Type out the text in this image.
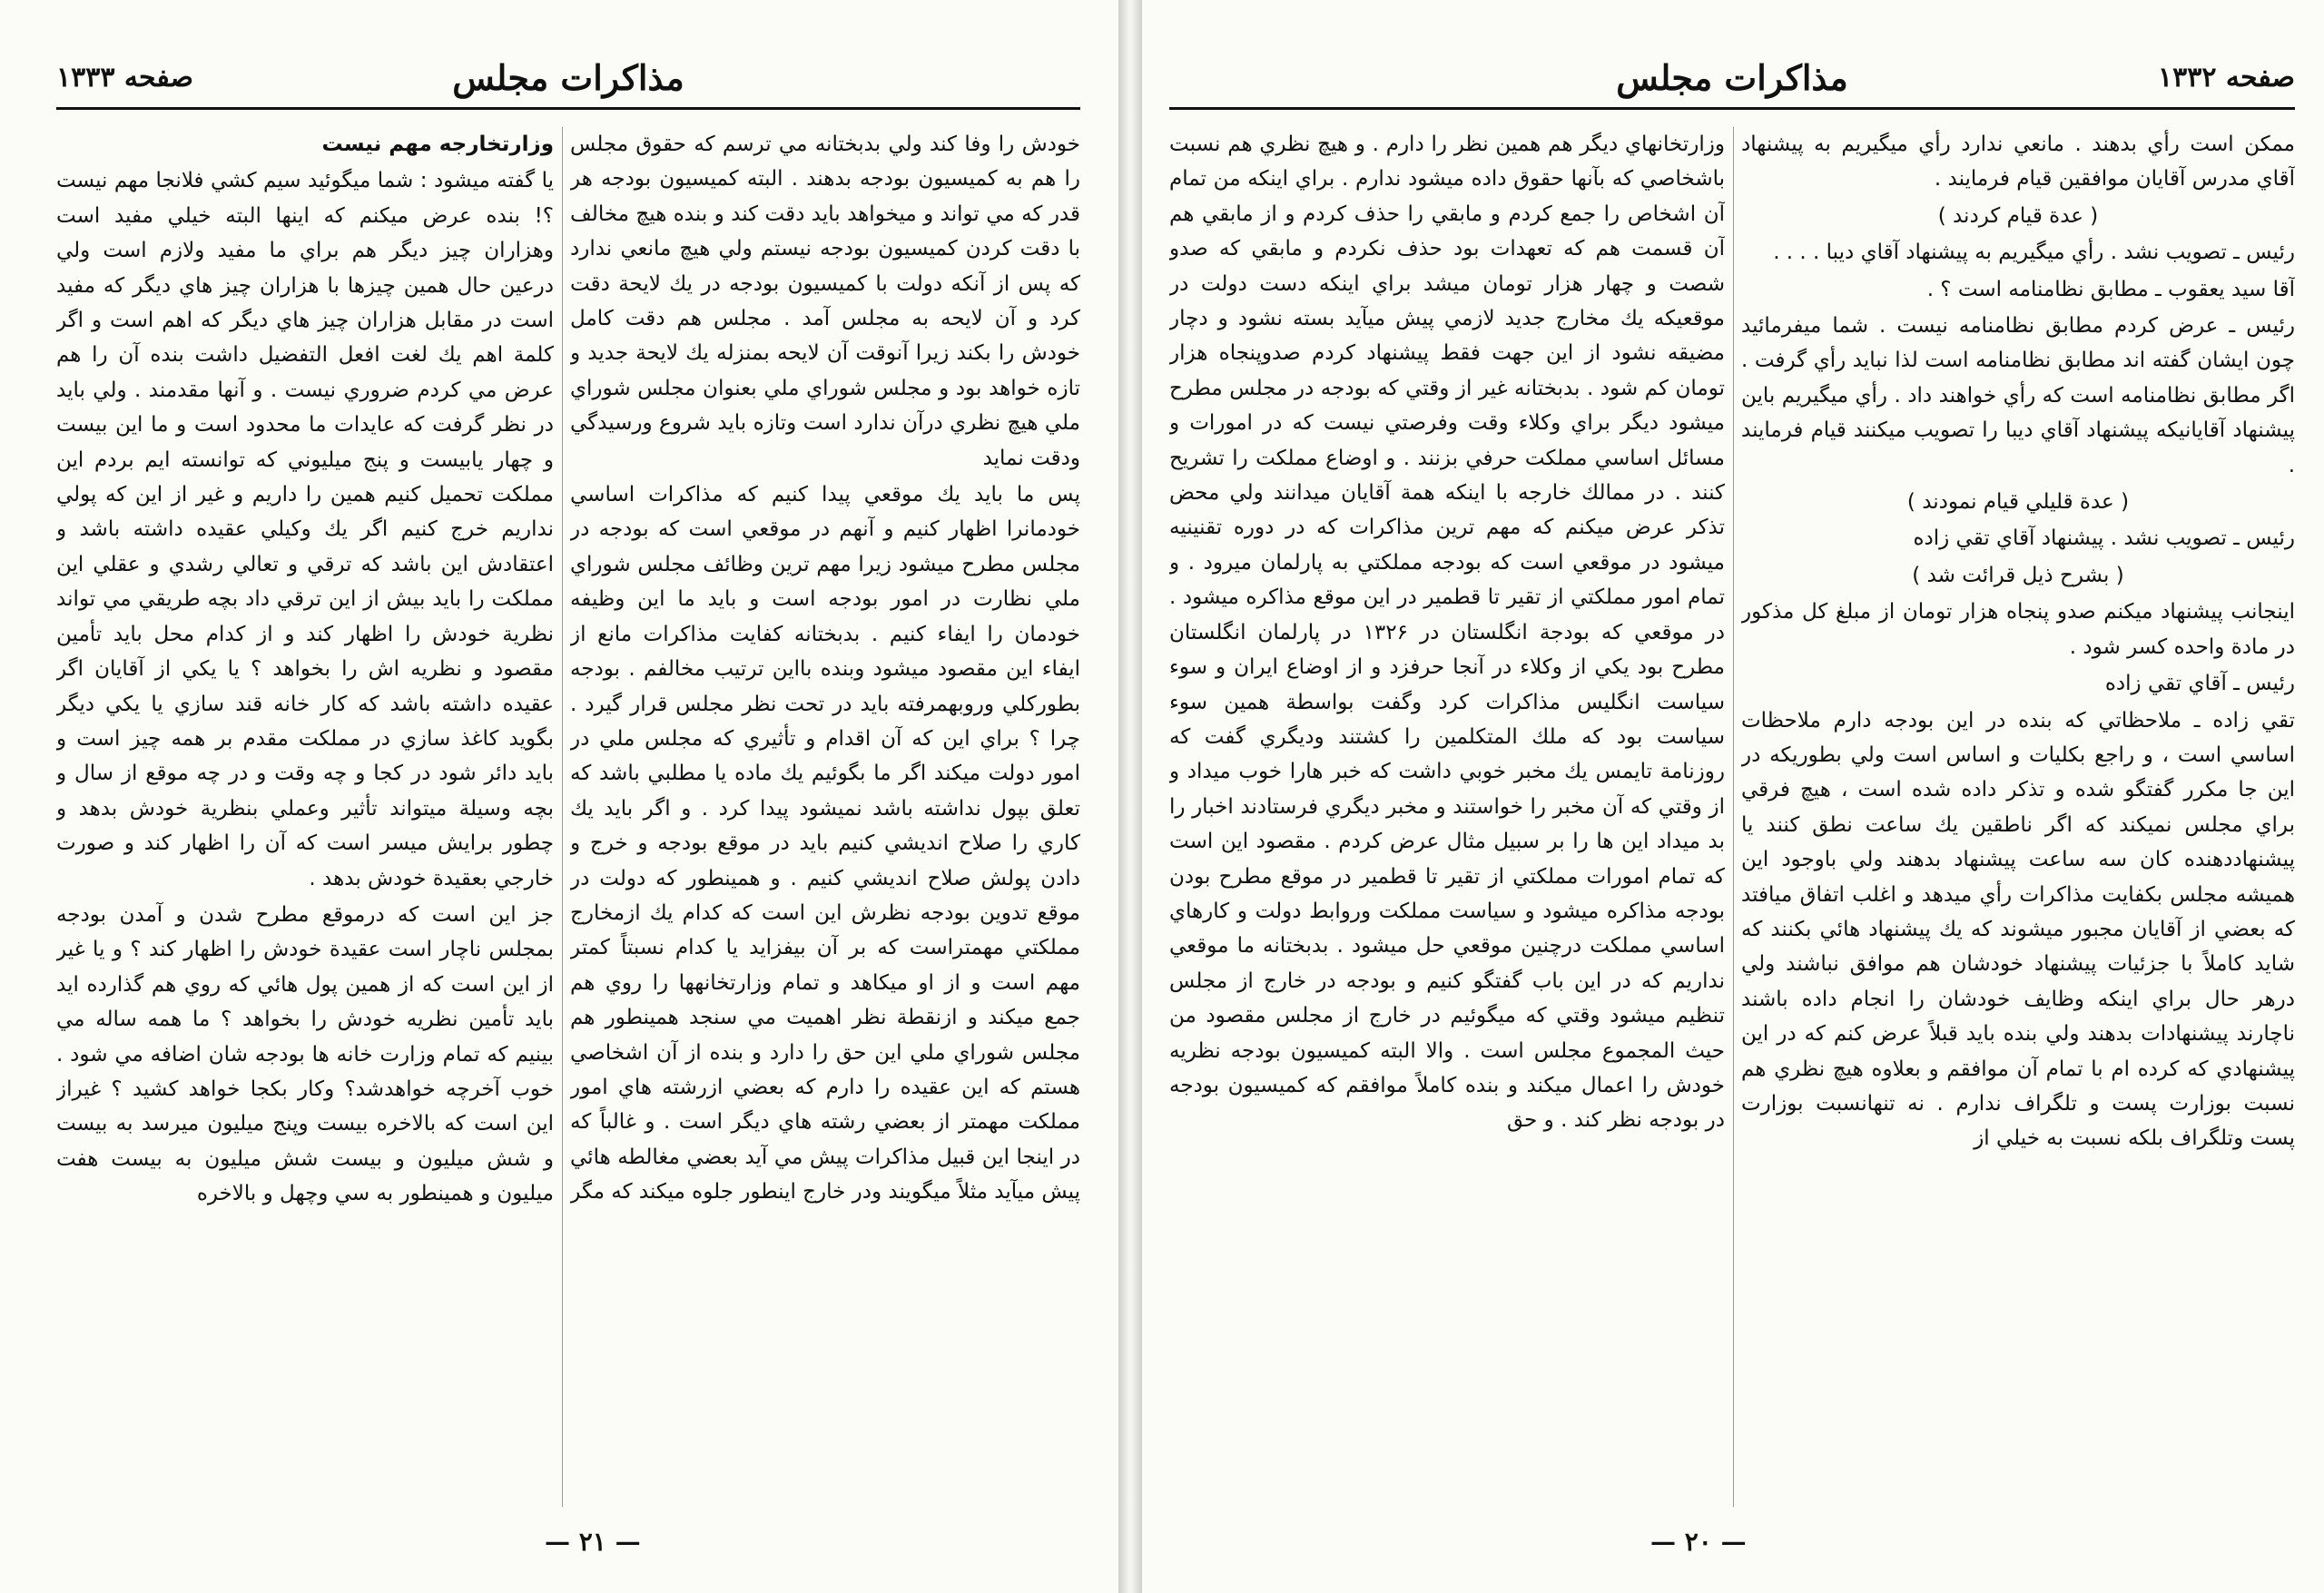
صفحه ۱۳۳۳	مذاكرات مجلس

خودش را وفا كند ولي بدبختانه مي ترسم كه حقوق مجلس را هم به كميسيون بودجه بدهند . البته كميسيون بودجه هر قدر كه مي تواند و ميخواهد بايد دقت كند و بنده هيچ مخالف با دقت كردن كميسيون بودجه نيستم ولي هيچ مانعي ندارد كه پس از آنكه دولت با كميسيون بودجه در يك لايحة دقت كرد و آن لايحه به مجلس آمد . مجلس هم دقت كامل خودش را بكند زيرا آنوقت آن لايحه بمنزله يك لايحة جديد و تازه خواهد بود و مجلس شوراي ملي بعنوان مجلس شوراي ملي هيچ نظري درآن ندارد است وتازه بايد شروع ورسيدگي ودقت نمايد

پس ما بايد يك موقعي پيدا كنيم كه مذاكرات اساسي خودمانرا اظهار كنيم و آنهم در موقعي است كه بودجه در مجلس مطرح ميشود زيرا مهم ترين وظائف مجلس شوراي ملي نظارت در امور بودجه است و بايد ما اين وظيفه خودمان را ايفاء كنيم . بدبختانه كفايت مذاكرات مانع از ايفاء اين مقصود ميشود وبنده بااين ترتيب مخالفم . بودجه بطوركلي وروبهمرفته بايد در تحت نظر مجلس قرار گيرد . چرا ؟ براي اين كه آن اقدام و تأثيري كه مجلس ملي در امور دولت ميكند اگر ما بگوئيم يك ماده يا مطلبي باشد كه تعلق بپول نداشته باشد نميشود پيدا كرد . و اگر بايد يك كاري را صلاح انديشي كنيم بايد در موقع بودجه و خرج و دادن پولش صلاح انديشي كنيم . و همينطور كه دولت در موقع تدوين بودجه نظرش اين است كه كدام يك ازمخارج مملكتي مهمتراست كه بر آن بيفزايد يا كدام نسبتاً كمتر مهم است و از او ميكاهد و تمام وزارتخانهها را روي هم جمع ميكند و ازنقطة نظر اهميت مي سنجد همينطور هم مجلس شوراي ملي اين حق را دارد و بنده از آن اشخاصي هستم كه اين عقيده را دارم كه بعضي ازرشته هاي امور مملكت مهمتر از بعضي رشته هاي ديگر است . و غالباً كه در اينجا اين قبيل مذاكرات پيش مي آيد بعضي مغالطه هائي پيش ميآيد مثلاً ميگويند ودر خارج اينطور جلوه ميكند كه مگر

وزارتخارجه مهم نيست

يا گفته ميشود : شما ميگوئيد سيم كشي فلانجا مهم نيست ؟! بنده عرض ميكنم كه اينها البته خيلي مفيد است وهزاران چيز ديگر هم براي ما مفيد ولازم است ولي درعين حال همين چيزها با هزاران چيز هاي ديگر كه مفيد است در مقابل هزاران چيز هاي ديگر كه اهم است و اگر كلمة اهم يك لغت افعل التفضيل داشت بنده آن را هم عرض مي كردم ضروري نيست . و آنها مقدمند . ولي بايد در نظر گرفت كه عايدات ما محدود است و ما اين بيست و چهار يابيست و پنج ميليوني كه توانسته ايم بردم اين مملكت تحميل كنيم همين را داريم و غير از اين كه پولي نداريم خرج كنيم اگر يك وكيلي عقيده داشته باشد و اعتقادش اين باشد كه ترقي و تعالي رشدي و عقلي اين مملكت را بايد بيش از اين ترقي داد بچه طريقي مي تواند نظرية خودش را اظهار كند و از كدام محل بايد تأمين مقصود و نظريه اش را بخواهد ؟ يا يكي از آقايان اگر عقيده داشته باشد كه كار خانه قند سازي يا يكي ديگر بگويد كاغذ سازي در مملكت مقدم بر همه چيز است و بايد دائر شود در كجا و چه وقت و در چه موقع از سال و بچه وسيلة ميتواند تأثير وعملي بنظرية خودش بدهد و چطور برايش ميسر است كه آن را اظهار كند و صورت خارجي بعقيدة خودش بدهد .

جز اين است كه درموقع مطرح شدن و آمدن بودجه بمجلس ناچار است عقيدة خودش را اظهار كند ؟ و يا غير از اين است كه از همين پول هائي كه روي هم گذارده ايد بايد تأمين نظريه خودش را بخواهد ؟ ما همه ساله مي بينيم كه تمام وزارت خانه ها بودجه شان اضافه مي شود . خوب آخرچه خواهدشد؟ وكار بكجا خواهد كشيد ؟ غيراز اين است كه بالاخره بيست وپنج ميليون ميرسد به بيست و شش ميليون و بيست شش ميليون به بيست هفت ميليون و همينطور به سي وچهل و بالاخره

— ۲۱ —
صفحه ۱۳۳۲
مذاكرات مجلس

ممكن است رأي بدهند . مانعي ندارد رأي ميگيريم به پيشنهاد آقاي مدرس آقايان موافقين قيام فرمايند .

( عدة قيام كردند )

رئيس ـ تصويب نشد . رأي ميگيريم به پيشنهاد آقاي ديبا . . . .

آقا سيد يعقوب ـ مطابق نظامنامه است ؟ .

رئيس ـ عرض كردم مطابق نظامنامه نيست . شما ميفرمائيد چون ايشان گفته اند مطابق نظامنامه است لذا نبايد رأي گرفت . اگر مطابق نظامنامه است كه رأي خواهند داد . رأي ميگيريم باين پيشنهاد آقايانيكه پيشنهاد آقاي ديبا را تصويب ميكنند قيام فرمايند .

( عدة قليلي قيام نمودند )

رئيس ـ تصويب نشد . پيشنهاد آقاي تقي زاده

( بشرح ذيل قرائت شد )

اينجانب پيشنهاد ميكنم صدو پنجاه هزار تومان از مبلغ كل مذكور در مادة واحده كسر شود .

رئيس ـ آقاي تقي زاده

تقي زاده ـ ملاحظاتي كه بنده در اين بودجه دارم ملاحظات اساسي است ، و راجع بكليات و اساس است ولي بطوريكه در اين جا مكرر گفتگو شده و تذكر داده شده است ، هيچ فرقي براي مجلس نميكند كه اگر ناطقين يك ساعت نطق كنند يا پيشنهاددهنده كان سه ساعت پيشنهاد بدهند ولي باوجود اين هميشه مجلس بكفايت مذاكرات رأي ميدهد و اغلب اتفاق ميافتد كه بعضي از آقايان مجبور ميشوند كه يك پيشنهاد هائي بكنند كه شايد كاملاً با جزئيات پيشنهاد خودشان هم موافق نباشند ولي درهر حال براي اينكه وظايف خودشان را انجام داده باشند ناچارند پيشنهادات بدهند ولي بنده بايد قبلاً عرض كنم كه در اين پيشنهادي كه كرده ام با تمام آن موافقم و بعلاوه هيچ نظري هم نسبت بوزارت پست و تلگراف ندارم . نه تنهانسبت بوزارت پست وتلگراف بلكه نسبت به خيلي از

وزارتخانهاي ديگر هم همين نظر را دارم . و هيچ نظري هم نسبت باشخاصي كه بآنها حقوق داده ميشود ندارم . براي اينكه من تمام آن اشخاص را جمع كردم و مابقي را حذف كردم و از مابقي هم آن قسمت هم كه تعهدات بود حذف نكردم و مابقي كه صدو شصت و چهار هزار تومان ميشد براي اينكه دست دولت در موقعيكه يك مخارج جديد لازمي پيش ميآيد بسته نشود و دچار مضيقه نشود از اين جهت فقط پيشنهاد كردم صدوپنجاه هزار تومان كم شود . بدبختانه غير از وقتي كه بودجه در مجلس مطرح ميشود ديگر براي وكلاء وقت وفرصتي نيست كه در امورات و مسائل اساسي مملكت حرفي بزنند . و اوضاع مملكت را تشريح كنند . در ممالك خارجه با اينكه همة آقايان ميدانند ولي محض تذكر عرض ميكنم كه مهم ترين مذاكرات كه در دوره تقنينيه ميشود در موقعي است كه بودجه مملكتي به پارلمان ميرود . و تمام امور مملكتي از تقير تا قطمير در اين موقع مذاكره ميشود . در موقعي كه بودجة انگلستان در ۱۳۲۶ در پارلمان انگلستان مطرح بود يكي از وكلاء در آنجا حرفزد و از اوضاع ايران و سوء سياست انگليس مذاكرات كرد وگفت بواسطة همين سوء سياست بود كه ملك المتكلمين را كشتند وديگري گفت كه روزنامة تايمس يك مخبر خوبي داشت كه خبر هارا خوب ميداد و از وقتي كه آن مخبر را خواستند و مخبر ديگري فرستادند اخبار را بد ميداد اين ها را بر سبيل مثال عرض كردم . مقصود اين است كه تمام امورات مملكتي از تقير تا قطمير در موقع مطرح بودن بودجه مذاكره ميشود و سياست مملكت وروابط دولت و كارهاي اساسي مملكت درچنين موقعي حل ميشود . بدبختانه ما موقعي نداريم كه در اين باب گفتگو كنيم و بودجه در خارج از مجلس تنظيم ميشود وقتي كه ميگوئيم در خارج از مجلس مقصود من حيث المجموع مجلس است . والا البته كميسيون بودجه نظريه خودش را اعمال ميكند و بنده كاملاً موافقم كه كميسيون بودجه در بودجه نظر كند . و حق

— ۲۰ —
